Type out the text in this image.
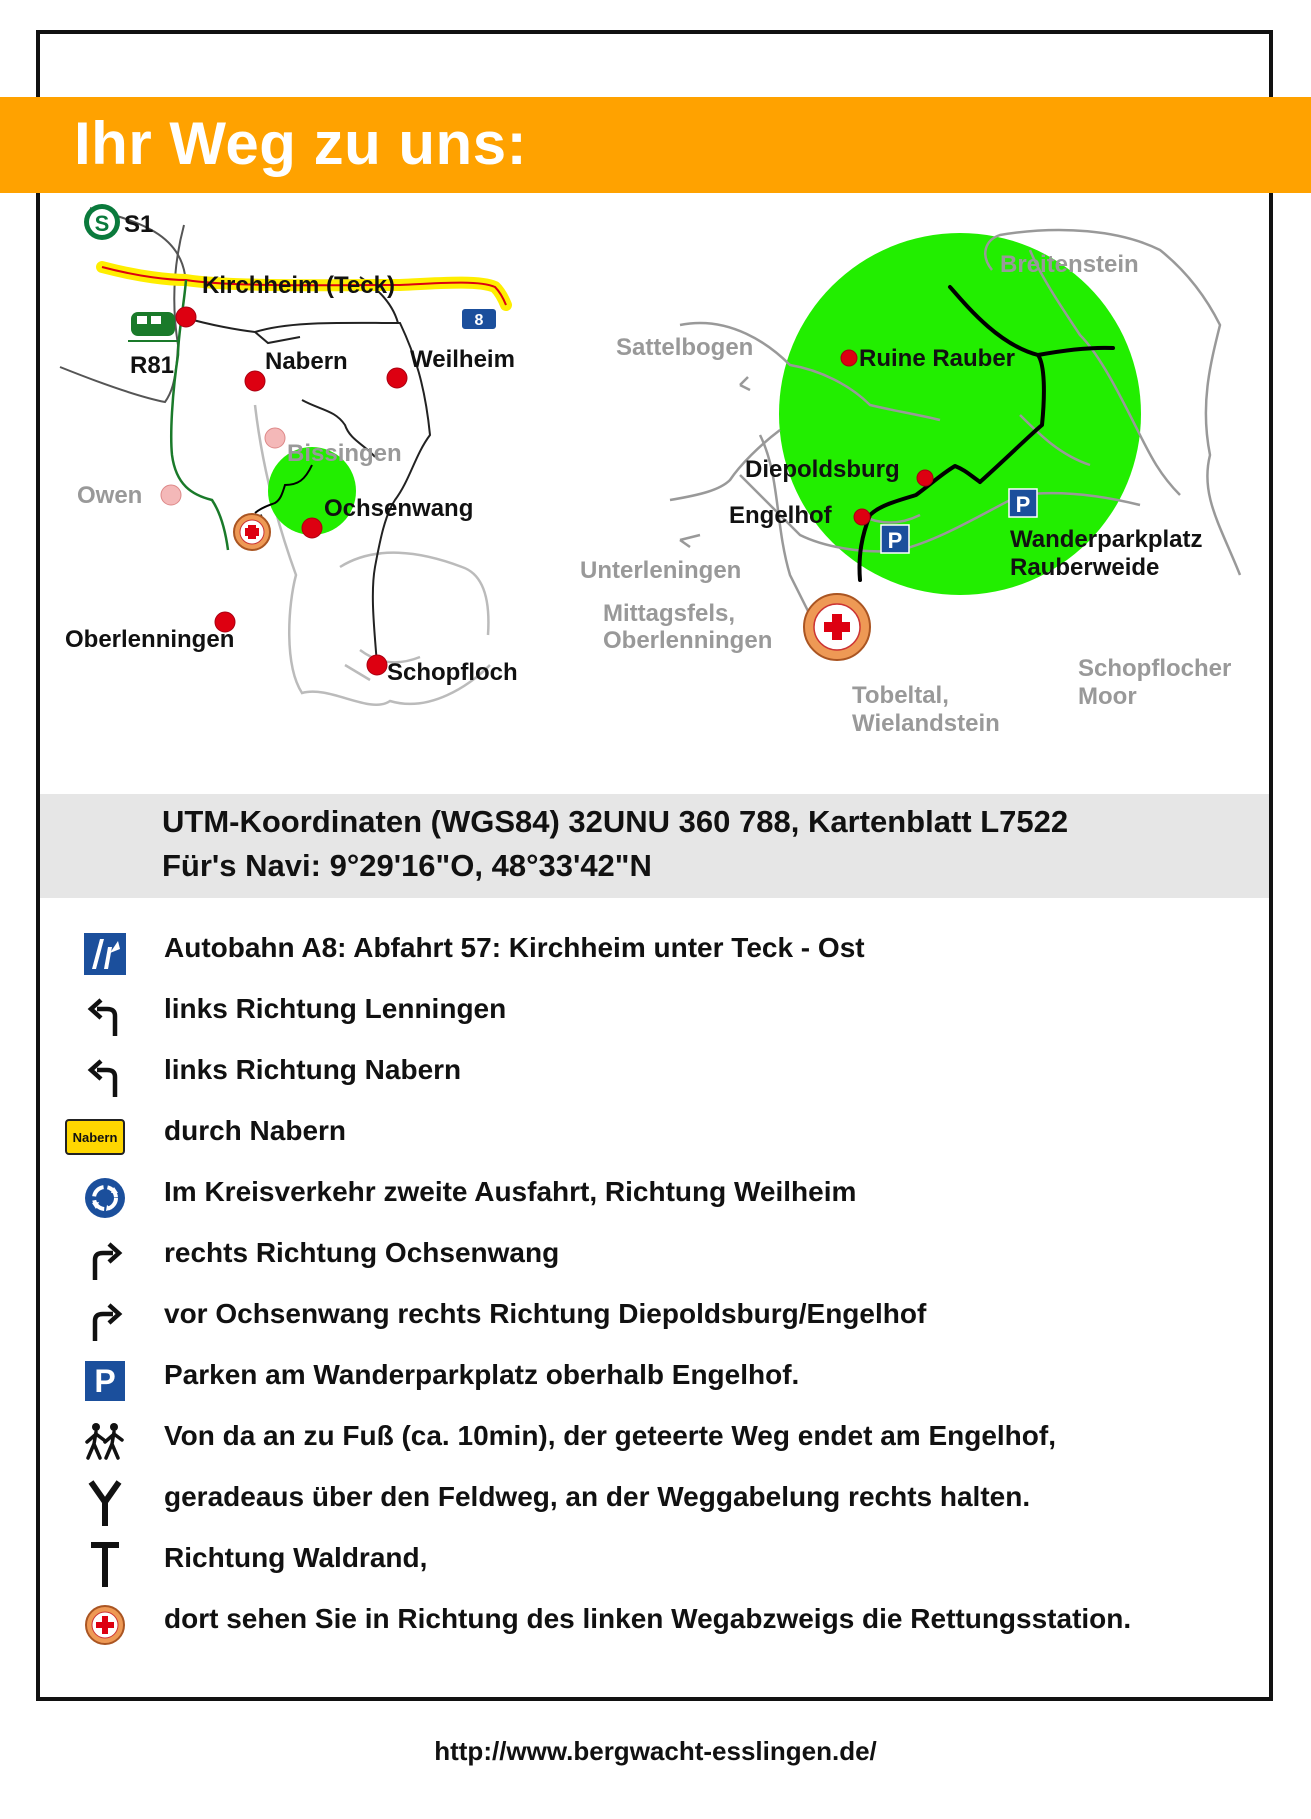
Ihr Weg zu uns:
S
8
S1
Kirchheim (Teck)
R81	Nabern	Weilheim
Bissingen
Owen	Ochsenwang
Oberlenningen
Schopfloch
P
P
Breitenstein
Sattelbogen	Ruine Rauber
Diepoldsburg
Engelhof
Wanderparkplatz
Rauberweide
Unterleningen
Mittagsfels,
Oberlenningen
Tobeltal,
Wielandstein
Schopflocher
Moor
UTM-Koordinaten (WGS84) 32UNU 360 788, Kartenblatt L7522
Für's Navi: 9°29'16"O, 48°33'42"N
Autobahn A8: Abfahrt 57: Kirchheim unter Teck - Ost
links Richtung Lenningen
links Richtung Nabern
Nabern durch Nabern
Im Kreisverkehr zweite Ausfahrt, Richtung Weilheim
rechts Richtung Ochsenwang
vor Ochsenwang rechts Richtung Diepoldsburg/Engelhof
P	Parken am Wanderparkplatz oberhalb Engelhof.
Von da an zu Fuß (ca. 10min), der geteerte Weg endet am Engelhof,
geradeaus über den Feldweg, an der Weggabelung rechts halten.
Richtung Waldrand,
dort sehen Sie in Richtung des linken Wegabzweigs die Rettungsstation.
http://www.bergwacht-esslingen.de/
